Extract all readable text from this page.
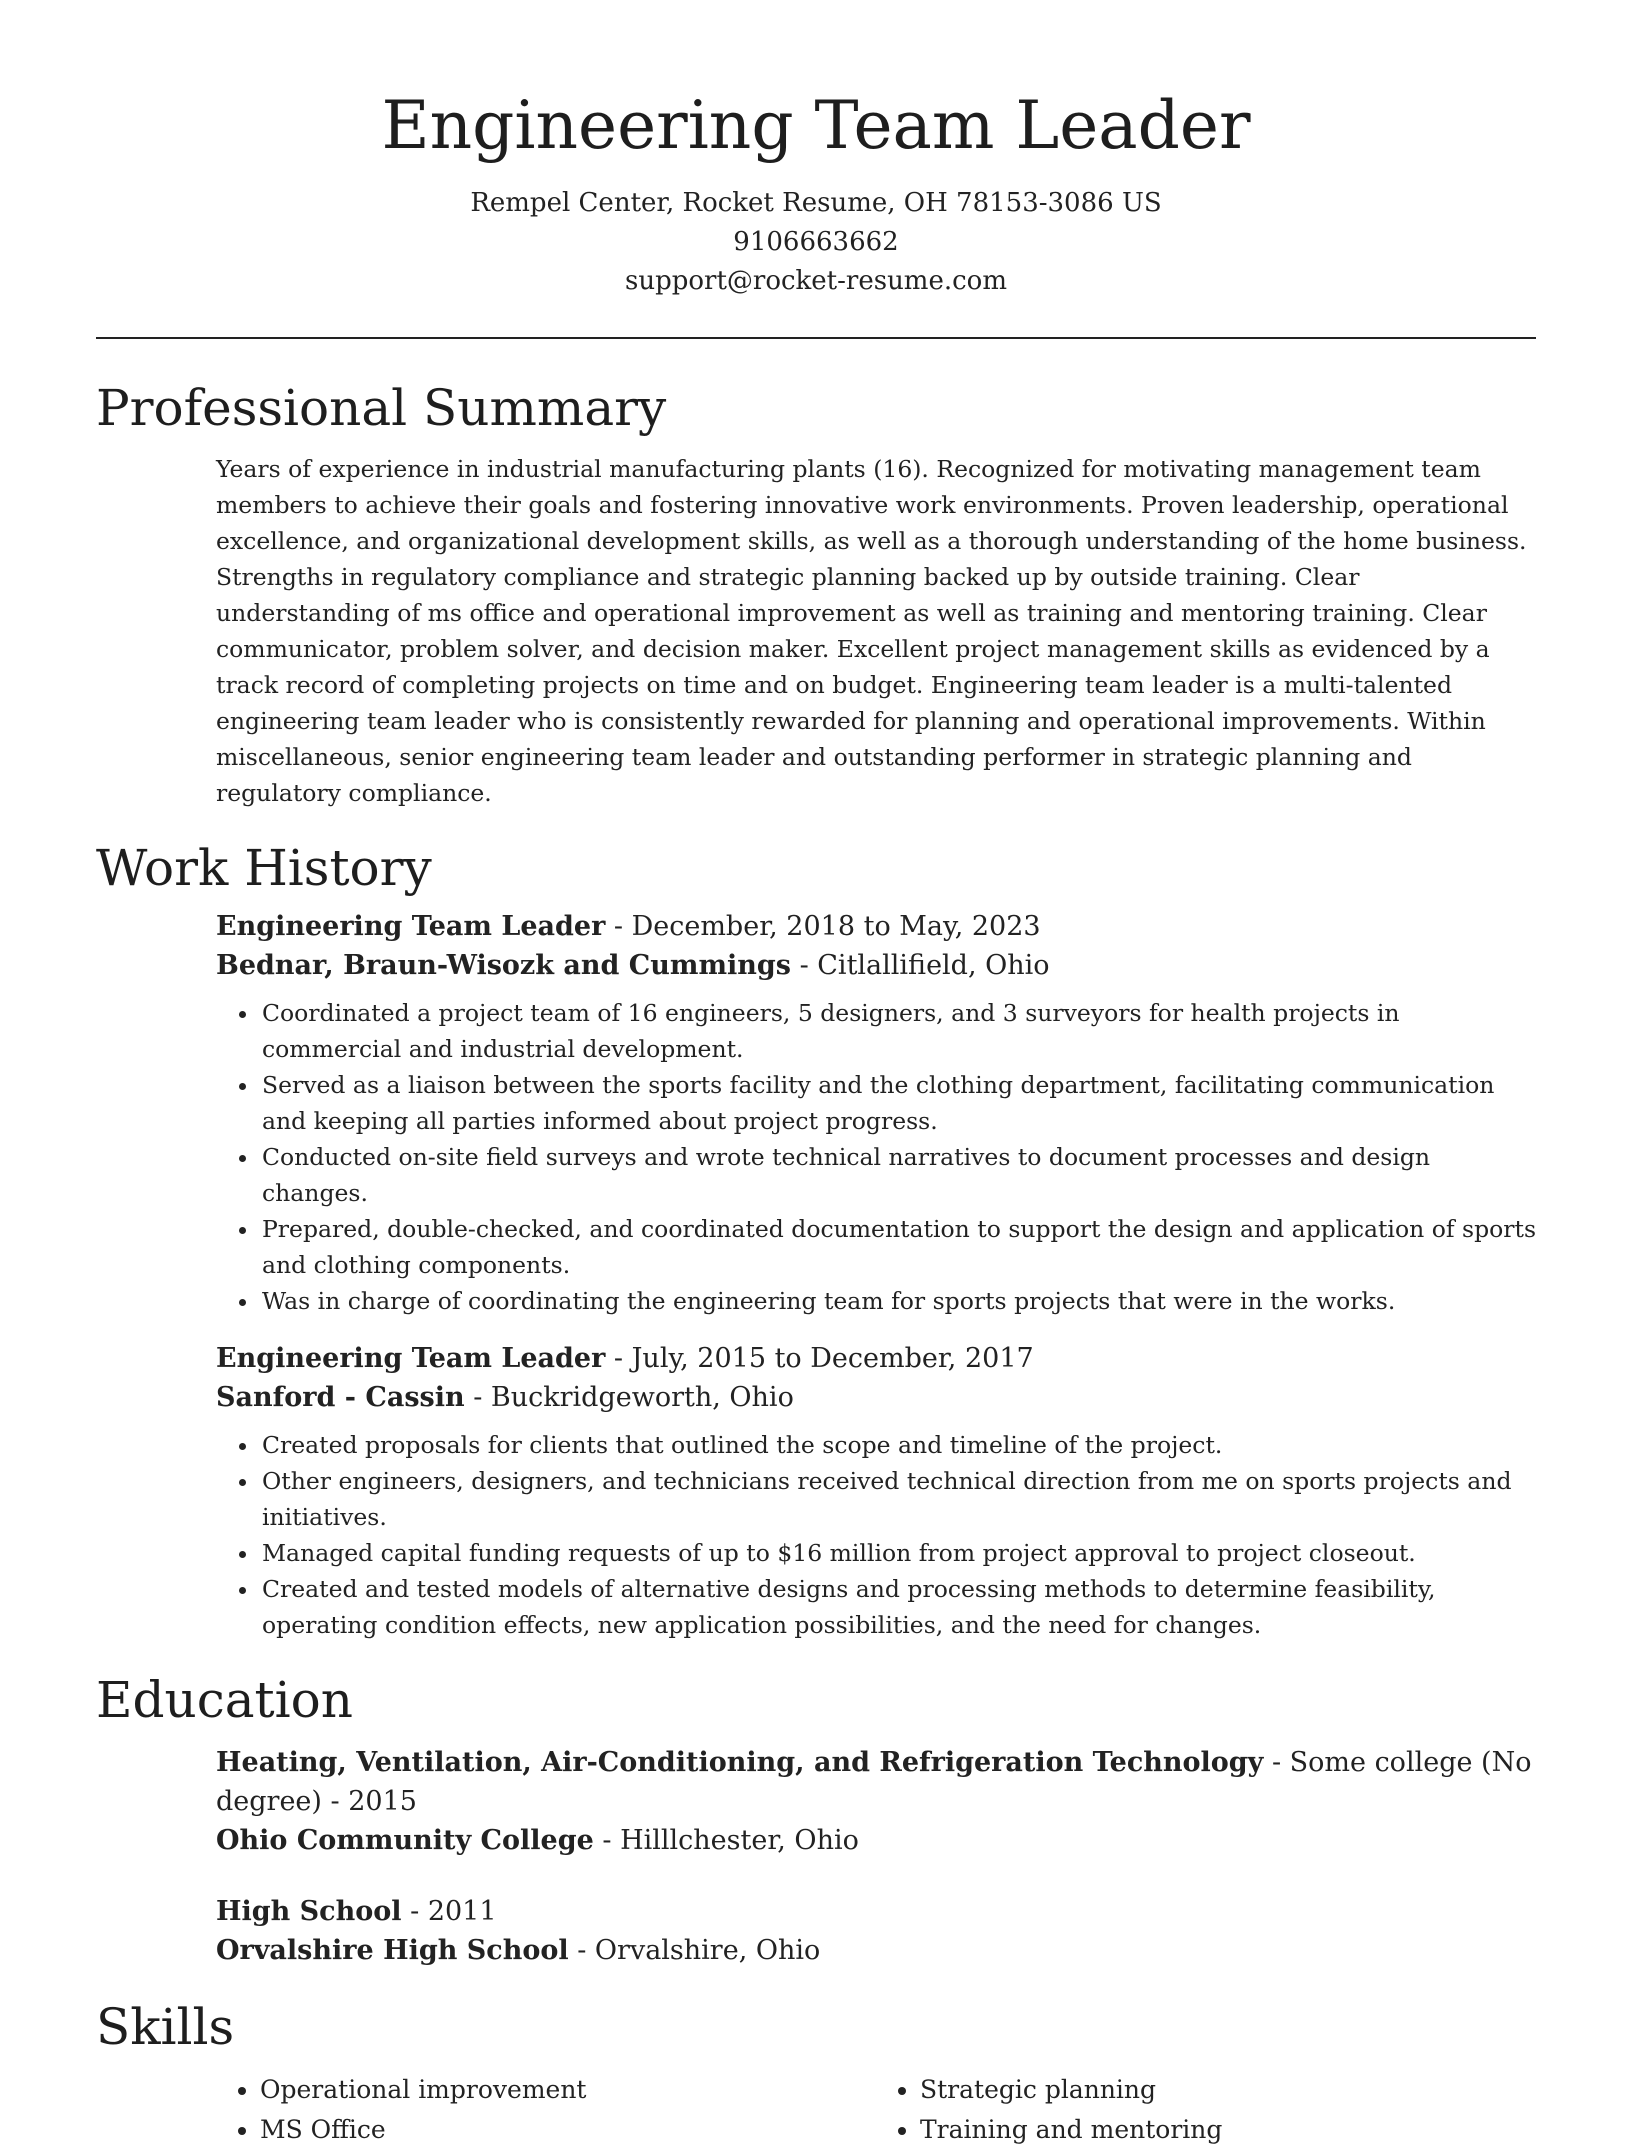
Engineering Team Leader
Rempel Center, Rocket Resume, OH 78153-3086 US
9106663662
support@rocket-resume.com
Professional Summary

Years of experience in industrial manufacturing plants (16). Recognized for motivating management team members to achieve their goals and fostering innovative work environments. Proven leadership, operational excellence, and organizational development skills, as well as a thorough understanding of the home business. Strengths in regulatory compliance and strategic planning backed up by outside training. Clear understanding of ms office and operational improvement as well as training and mentoring training. Clear communicator, problem solver, and decision maker. Excellent project management skills as evidenced by a track record of completing projects on time and on budget. Engineering team leader is a multi-talented engineering team leader who is consistently rewarded for planning and operational improvements. Within miscellaneous, senior engineering team leader and outstanding performer in strategic planning and regulatory compliance.

Work History
Engineering Team Leader - December, 2018 to May, 2023
Bednar, Braun-Wisozk and Cummings - Citlallifield, Ohio
• Coordinated a project team of 16 engineers, 5 designers, and 3 surveyors for health projects in commercial and industrial development.
• Served as a liaison between the sports facility and the clothing department, facilitating communication and keeping all parties informed about project progress.
• Conducted on-site field surveys and wrote technical narratives to document processes and design changes.
• Prepared, double-checked, and coordinated documentation to support the design and application of sports and clothing components.
• Was in charge of coordinating the engineering team for sports projects that were in the works.
Engineering Team Leader - July, 2015 to December, 2017
Sanford - Cassin - Buckridgeworth, Ohio
• Created proposals for clients that outlined the scope and timeline of the project.
• Other engineers, designers, and technicians received technical direction from me on sports projects and initiatives.
• Managed capital funding requests of up to $16 million from project approval to project closeout.
• Created and tested models of alternative designs and processing methods to determine feasibility, operating condition effects, new application possibilities, and the need for changes.
Education
Heating, Ventilation, Air-Conditioning, and Refrigeration Technology - Some college (No degree) - 2015
Ohio Community College - Hilllchester, Ohio
High School - 2011
Orvalshire High School - Orvalshire, Ohio
Skills
• Operational improvement
• MS Office
• Strategic planning
• Training and mentoring
